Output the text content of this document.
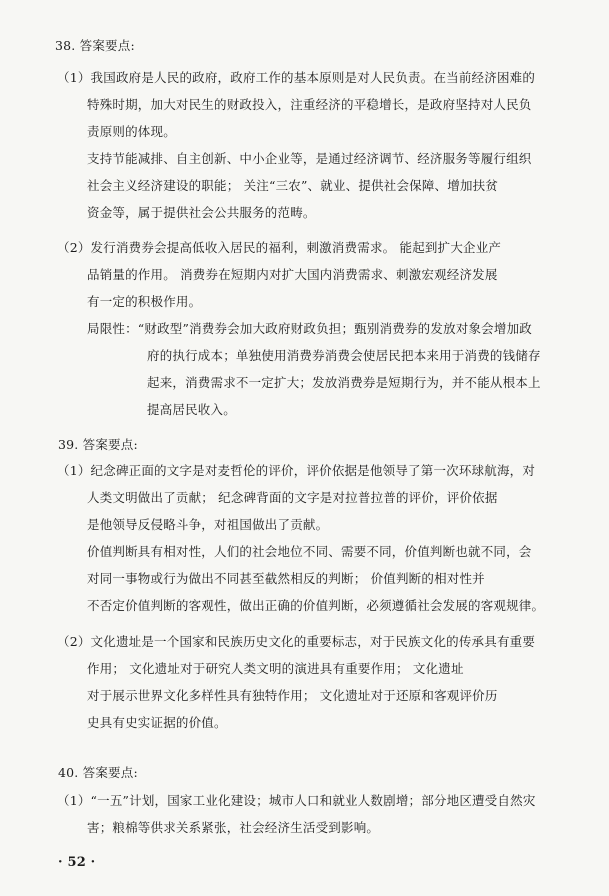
38. 答案要点:
（1）我国政府是人民的政府，政府工作的基本原则是对人民负责。在当前经济困难的
特殊时期，加大对民生的财政投入，注重经济的平稳增长，是政府坚持对人民负
责原则的体现。
支持节能减排、自主创新、中小企业等，是通过经济调节、经济服务等履行组织
社会主义经济建设的职能； 关注“三农”、就业、提供社会保障、增加扶贫
资金等，属于提供社会公共服务的范畴。
（2）发行消费券会提高低收入居民的福利，刺激消费需求。 能起到扩大企业产
品销量的作用。 消费券在短期内对扩大国内消费需求、刺激宏观经济发展
有一定的积极作用。
局限性：“财政型”消费券会加大政府财政负担；甄别消费券的发放对象会增加政
府的执行成本；单独使用消费券消费会使居民把本来用于消费的钱储存
起来，消费需求不一定扩大；发放消费券是短期行为，并不能从根本上
提高居民收入。
39. 答案要点:
（1）纪念碑正面的文字是对麦哲伦的评价，评价依据是他领导了第一次环球航海，对
人类文明做出了贡献； 纪念碑背面的文字是对拉普拉普的评价，评价依据
是他领导反侵略斗争，对祖国做出了贡献。
价值判断具有相对性，人们的社会地位不同、需要不同，价值判断也就不同，会
对同一事物或行为做出不同甚至截然相反的判断； 价值判断的相对性并
不否定价值判断的客观性，做出正确的价值判断，必须遵循社会发展的客观规律。
（2）文化遗址是一个国家和民族历史文化的重要标志，对于民族文化的传承具有重要
作用； 文化遗址对于研究人类文明的演进具有重要作用； 文化遗址
对于展示世界文化多样性具有独特作用； 文化遗址对于还原和客观评价历
史具有史实证据的价值。
40. 答案要点:
（1）“一五”计划，国家工业化建设；城市人口和就业人数剧增；部分地区遭受自然灾
害；粮棉等供求关系紧张，社会经济生活受到影响。
· 52 ·
